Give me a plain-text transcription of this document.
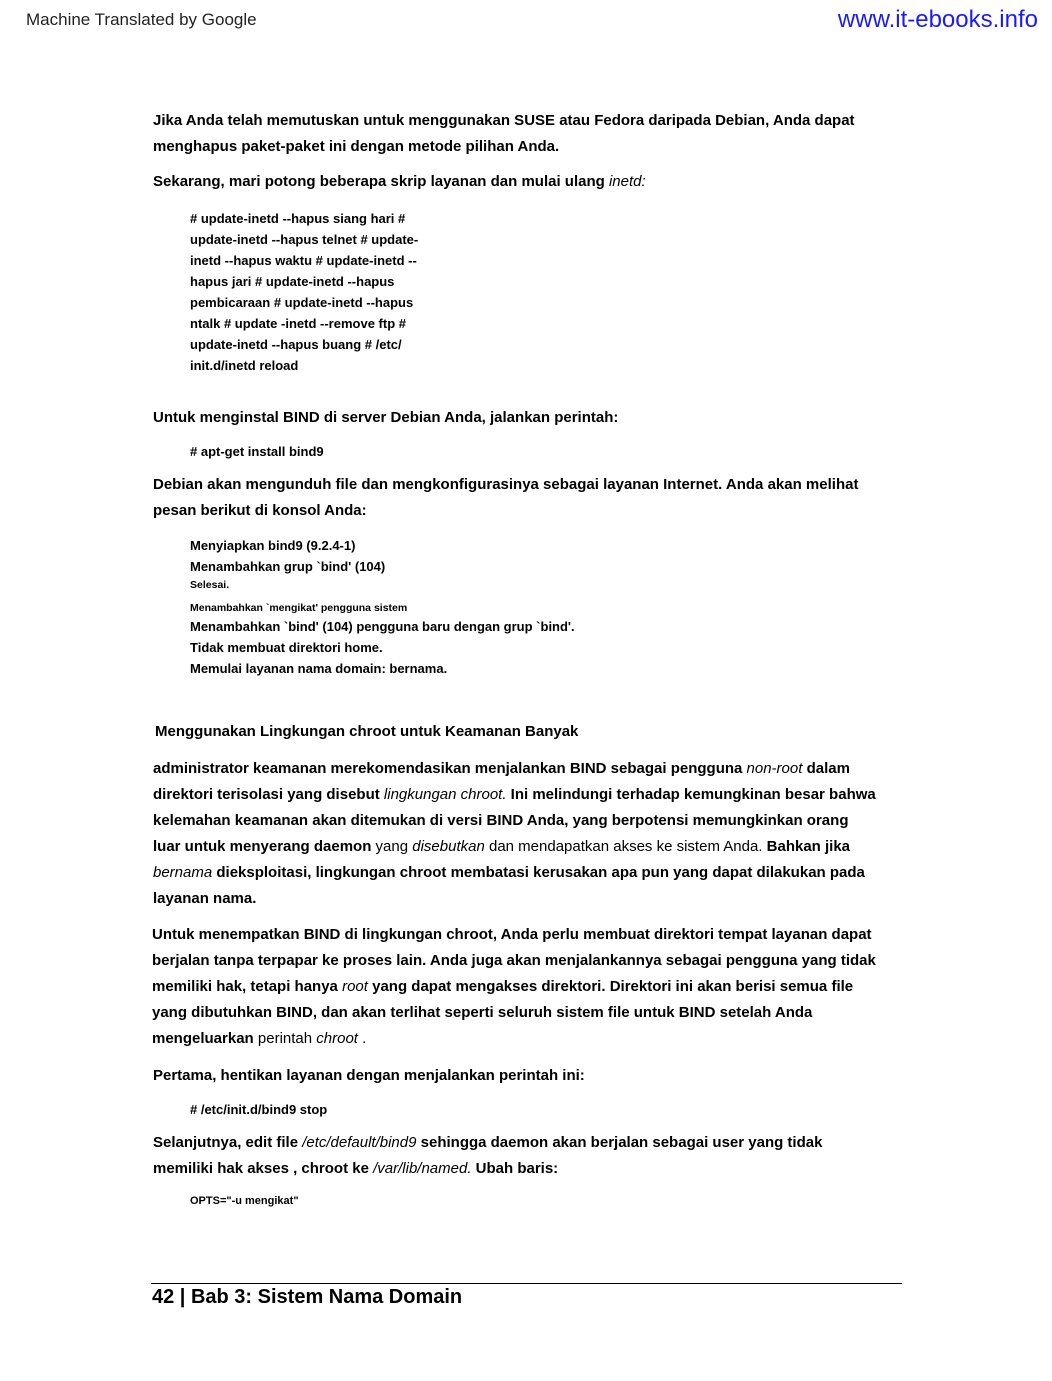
Machine Translated by Google	www.it-ebooks.info
Jika Anda telah memutuskan untuk menggunakan SUSE atau Fedora daripada Debian, Anda dapat
menghapus paket-paket ini dengan metode pilihan Anda.
Sekarang, mari potong beberapa skrip layanan dan mulai ulang inetd:
# update-inetd --hapus siang hari #
update-inetd --hapus telnet # update-
inetd --hapus waktu # update-inetd --
hapus jari # update-inetd --hapus
pembicaraan # update-inetd --hapus
ntalk # update -inetd --remove ftp #
update-inetd --hapus buang # /etc/
init.d/inetd reload
Untuk menginstal BIND di server Debian Anda, jalankan perintah:
# apt-get install bind9
Debian akan mengunduh file dan mengkonfigurasinya sebagai layanan Internet. Anda akan melihat
pesan berikut di konsol Anda:
Menyiapkan bind9 (9.2.4-1)
Menambahkan grup `bind' (104)
Selesai.
Menambahkan `mengikat' pengguna sistem
Menambahkan `bind' (104) pengguna baru dengan grup `bind'.
Tidak membuat direktori home.
Memulai layanan nama domain: bernama.
Menggunakan Lingkungan chroot untuk Keamanan Banyak
administrator keamanan merekomendasikan menjalankan BIND sebagai pengguna non-root dalam
direktori terisolasi yang disebut lingkungan chroot. Ini melindungi terhadap kemungkinan besar bahwa
kelemahan keamanan akan ditemukan di versi BIND Anda, yang berpotensi memungkinkan orang
luar untuk menyerang daemon yang disebutkan dan mendapatkan akses ke sistem Anda. Bahkan jika
bernama dieksploitasi, lingkungan chroot membatasi kerusakan apa pun yang dapat dilakukan pada
layanan nama.
Untuk menempatkan BIND di lingkungan chroot, Anda perlu membuat direktori tempat layanan dapat
berjalan tanpa terpapar ke proses lain. Anda juga akan menjalankannya sebagai pengguna yang tidak
memiliki hak, tetapi hanya root yang dapat mengakses direktori. Direktori ini akan berisi semua file
yang dibutuhkan BIND, dan akan terlihat seperti seluruh sistem file untuk BIND setelah Anda
mengeluarkan perintah chroot .
Pertama, hentikan layanan dengan menjalankan perintah ini:
# /etc/init.d/bind9 stop
Selanjutnya, edit file /etc/default/bind9 sehingga daemon akan berjalan sebagai user yang tidak
memiliki hak akses , chroot ke /var/lib/named. Ubah baris:
OPTS="-u mengikat"
42 | Bab 3: Sistem Nama Domain
